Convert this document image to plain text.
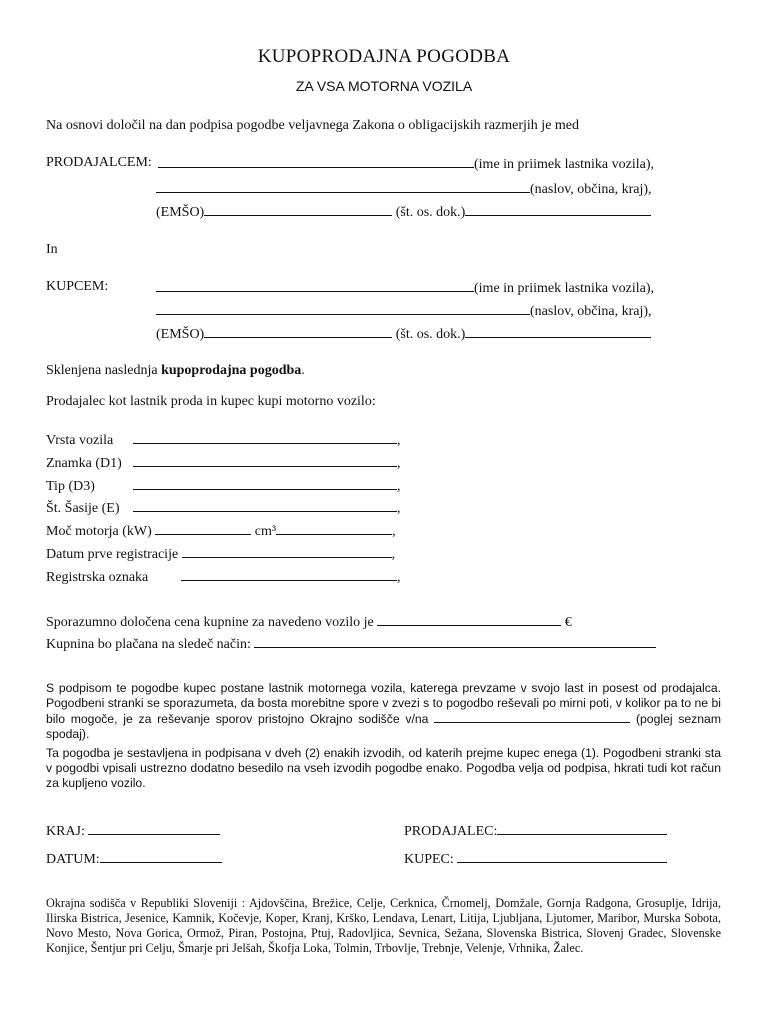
KUPOPRODAJNA POGODBA
ZA VSA MOTORNA VOZILA
Na osnovi določil na dan podpisa pogodbe veljavnega Zakona o obligacijskih razmerjih je med
PRODAJALCEM:	(ime in priimek lastnika vozila),
(naslov, občina, kraj),
(EMŠO)	(št. os. dok.)
In
KUPCEM:	(ime in priimek lastnika vozila),
(naslov, občina, kraj),
(EMŠO)	(št. os. dok.)
Sklenjena naslednja kupoprodajna pogodba.
Prodajalec kot lastnik proda in kupec kupi motorno vozilo:
Vrsta vozila	,
Znamka (D1)	,
Tip (D3)	,
Št. Šasije (E)	,
Moč motorja (kW)	cm³	,
Datum prve registracije	,
Registrska oznaka	,
Sporazumno določena cena kupnine za navedeno vozilo je	€
Kupnina bo plačana na sledeč način:
S podpisom te pogodbe kupec postane lastnik motornega vozila, katerega prevzame v svojo last in posest od prodajalca. Pogodbeni stranki se sporazumeta, da bosta morebitne spore v zvezi s to pogodbo reševali po mirni poti, v kolikor pa to ne bi bilo mogoče, je za reševanje sporov pristojno Okrajno sodišče v/na	(poglej seznam spodaj).
Ta pogodba je sestavljena in podpisana v dveh (2) enakih izvodih, od katerih prejme kupec enega (1). Pogodbeni stranki sta v pogodbi vpisali ustrezno dodatno besedilo na vseh izvodih pogodbe enako. Pogodba velja od podpisa, hkrati tudi kot račun za kupljeno vozilo.
KRAJ:
DATUM:
PRODAJALEC:
KUPEC:
Okrajna sodišča v Republiki Sloveniji : Ajdovščina, Brežice, Celje, Cerknica, Črnomelj, Domžale, Gornja Radgona, Grosuplje, Idrija, Ilirska Bistrica, Jesenice, Kamnik, Kočevje, Koper, Kranj, Krško, Lendava, Lenart, Litija, Ljubljana, Ljutomer, Maribor, Murska Sobota, Novo Mesto, Nova Gorica, Ormož, Piran, Postojna, Ptuj, Radovljica, Sevnica, Sežana, Slovenska Bistrica, Slovenj Gradec, Slovenske Konjice, Šentjur pri Celju, Šmarje pri Jelšah, Škofja Loka, Tolmin, Trbovlje, Trebnje, Velenje, Vrhnika, Žalec.
